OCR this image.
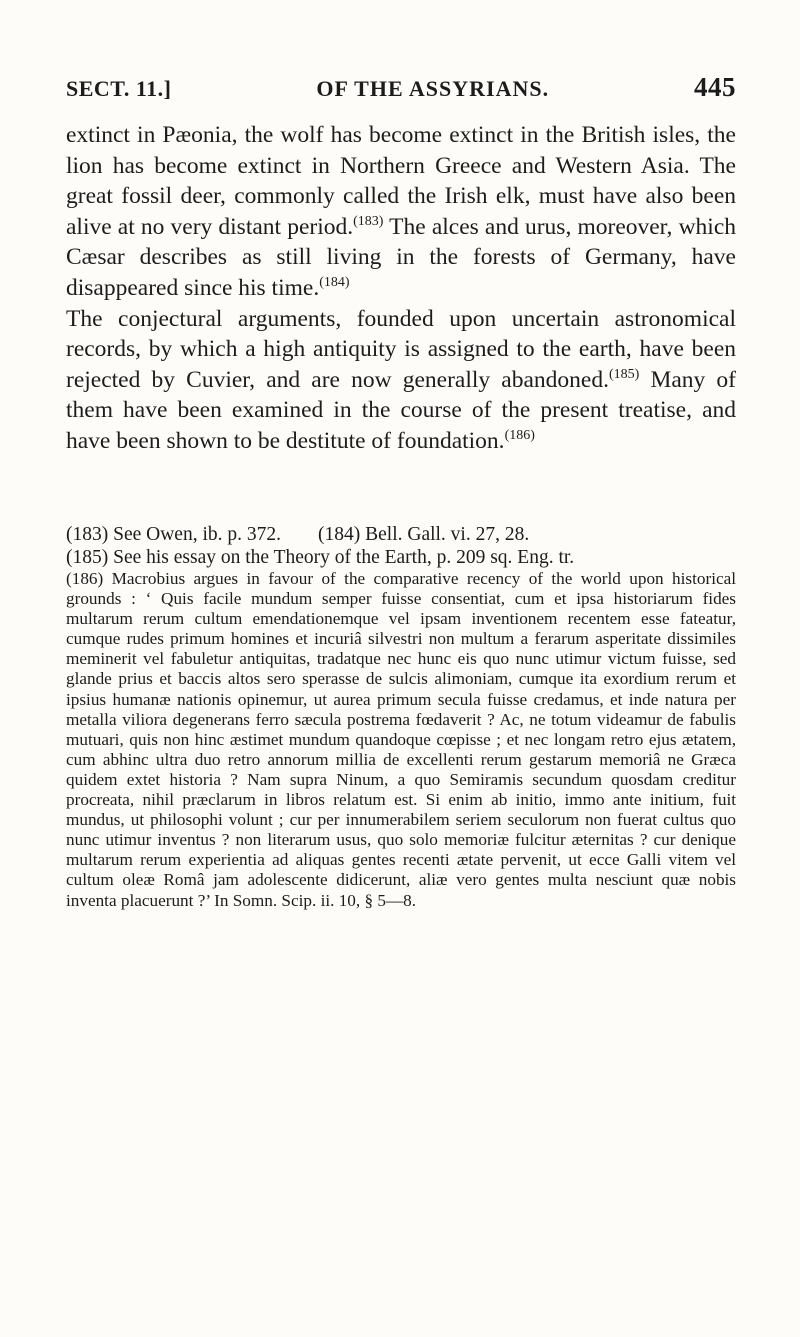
SECT. 11.]	OF THE ASSYRIANS.	445

extinct in Pæonia, the wolf has become extinct in the British isles, the lion has become extinct in Northern Greece and Western Asia. The great fossil deer, commonly called the Irish elk, must have also been alive at no very distant period.$^{(183)}$ The alces and urus, moreover, which Cæsar describes as still living in the forests of Germany, have disappeared since his time.$^{(184)}$

The conjectural arguments, founded upon uncertain astronomical records, by which a high antiquity is assigned to the earth, have been rejected by Cuvier, and are now generally abandoned.$^{(185)}$ Many of them have been examined in the course of the present treatise, and have been shown to be destitute of foundation.$^{(186)}$

(183) See Owen, ib. p. 372.	(184) Bell. Gall. vi. 27, 28.

(185) See his essay on the Theory of the Earth, p. 209 sq. Eng. tr.

(186) Macrobius argues in favour of the comparative recency of the world upon historical grounds : ‘ Quis facile mundum semper fuisse consentiat, cum et ipsa historiarum fides multarum rerum cultum emendationemque vel ipsam inventionem recentem esse fateatur, cumque rudes primum homines et incuriâ silvestri non multum a ferarum asperitate dissimiles meminerit vel fabuletur antiquitas, tradatque nec hunc eis quo nunc utimur victum fuisse, sed glande prius et baccis altos sero sperasse de sulcis alimoniam, cumque ita exordium rerum et ipsius humanæ nationis opinemur, ut aurea primum secula fuisse credamus, et inde natura per metalla viliora degenerans ferro sæcula postrema fœdaverit ? Ac, ne totum videamur de fabulis mutuari, quis non hinc æstimet mundum quandoque cœpisse ; et nec longam retro ejus ætatem, cum abhinc ultra duo retro annorum millia de excellenti rerum gestarum memoriâ ne Græca quidem extet historia ? Nam supra Ninum, a quo Semiramis secundum quosdam creditur procreata, nihil præclarum in libros relatum est. Si enim ab initio, immo ante initium, fuit mundus, ut philosophi volunt ; cur per innumerabilem seriem seculorum non fuerat cultus quo nunc utimur inventus ? non literarum usus, quo solo memoriæ fulcitur æternitas ? cur denique multarum rerum experientia ad aliquas gentes recenti ætate pervenit, ut ecce Galli vitem vel cultum oleæ Româ jam adolescente didicerunt, aliæ vero gentes multa nesciunt quæ nobis inventa placuerunt ?’ In Somn. Scip. ii. 10, § 5—8.
